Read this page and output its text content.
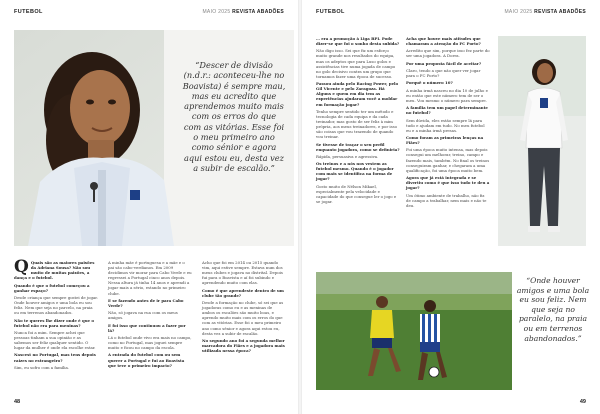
FUTEBOL	MAIO 2025 REVISTA ABADÕES
“Descer de divisão (n.d.r.: aconteceu-lhe no Boavista) é sempre mau, mas eu acredito que aprendemos muito mais com os erros do que com as vitórias. Esse foi o meu primeiro ano como sénior e agora aqui estou eu, desta vez a subir de escalão.”
Q Quais são as maiores paixões da Adriana Sousa? Não sou muito de muitas paixões, a dança e o futebol.

Quando é que o futebol começou a ganhar espaço?

Desde criança que sempre gostei de jogar. Onde houver amigos e uma bola eu sou feliz. Nem que seja no parcelo, na praia ou em terrenos abandonados.

Não te queres lhe dizer onde é que o futebol não era para meninas?

Nunca foi a mim. Sempre achei que pessoas tinham a sua opinião e as sabemos ser feliz qualquer sentido. O lugar da mulher é onde ela escolhe estar.

Nascest no Portugal, mas tens depois raízes no estrangeiro?

Sim, eu sofro com a família.

A minha mãe é portuguesa e a mãe e o pai são cabo-verdianos. Em 2009 decidimos vir morar para Cabo Verde e eu regressei a Portugal cinco anos depois. Nessa altura já tinha 14 anos e aprendi a jogar mais a sério, estando no primeiro clube.

E se fazendo antes de ir para Cabo Verde?

Não, só jogava na rua com os meus amigos.

E foi isso que continuou a fazer por lá?

Lá o futebol onde vivo era mais no campo, como no Portugal, mas joguei sempre muito e ficou no campo da escola.

A entrada do futebol com ou sem querer a Portugal e fui ao Boavista que teve o primeiro impacto?

Acho que foi em 2014 ou 2015 quando vim, aqui estive sempre. Estava num dos meus clubes e jogava no distrital. Depois fui para o Boavista e aí foi subindo e aprendendo muito com elas.

Como é que aprendeste dentro de um clube tão grande?

Desde a formação no clube, só sei que as jogadoras como eu e as meninas de ambos os escalões são muito boas, e aprendo muito mais com os erros do que com as vitórias. Esse foi o meu primeiro ano como sénior e agora aqui estou eu, desta vez a subir de escalão.

No segundo ano foi a segunda melhor marcadora do Fiães e a jogadora mais utilizada nessa época?

48
FUTEBOL	MAIO 2025 REVISTA ABADÕES

… era a promoção à Liga BPI. Pode dizer-se que foi o sonho desta subida?

Não digo isso. Sei que fiz um esforço muito grande nos resultados do equipa, mas os adeptos que para Luso golos e assistências tive numa jogada de campo no golo decisivo contra um grupo que tornamos fazer uma época de sucesso.

Passou ainda pelo Racing Power, pelo Gil Vicente e pelo Zaragoza. Há Alguns e quem em dia tem as experiências ajudaram você a moldar em formação jogar?

Tenho sempre sentido ter um método e tecnologia de cada equipa e da cada treinador, mas gosto de ser feliz à mim própria, aos meus treinadores, e por isso são coisas que vou trazendo de quando vou treinar.

Se tivesse de traçar o seu perfil enquanto jogadora, como se definiria?

Rápida, persuasiva e agressiva.

Os treinos e a nós nos vestem as futebol mesmo. Quando é o jogador com mais se identifica na forma de jogar?

Gosto muito de Nélson Mikael, especialmente pela velocidade e capacidade do que consegue ler o jogo e se jogar.

Acha que houve mais atitudes que chamaram a atenção do FC Porto?

Acredito que sim, porque isso fez parte do ser uma jogadora. A Dorra.

Por uma proposta fácil de aceitar?

Claro, tendo a que não quer ver jogar para o FC Porto?

Porquê o número 10?

A minha irmã nasceu no dia 10 de julho e eu então que este número tem de ser o meu. Vou mesmo o número para sempre.

A família tem um papel determinante no futebol?

Sem dúvida, eles estão sempre lá para tudo e ajudam em tudo. No meu futebol eu e a minha irmã presas.

Como foram as primeiras lenças na Fiães?

Foi uma época muito intensa, mas depois consegui um melhorar, treino, campo e fazendo mais, também. No final os treinos conseguiram ganhar, e chegaram a uma qualificação, foi uma época muito bem.

Agora que já está integrada e se divertiu como é que isso tudo te deu a jogar?

Um ótimo ambiente de trabalho, não fiz de campo a trabalhar, nem mais e não te deu.

“Onde houver amigos e uma bola eu sou feliz. Nem que seja no paralelo, na praia ou em terrenos abandonados.”
49
